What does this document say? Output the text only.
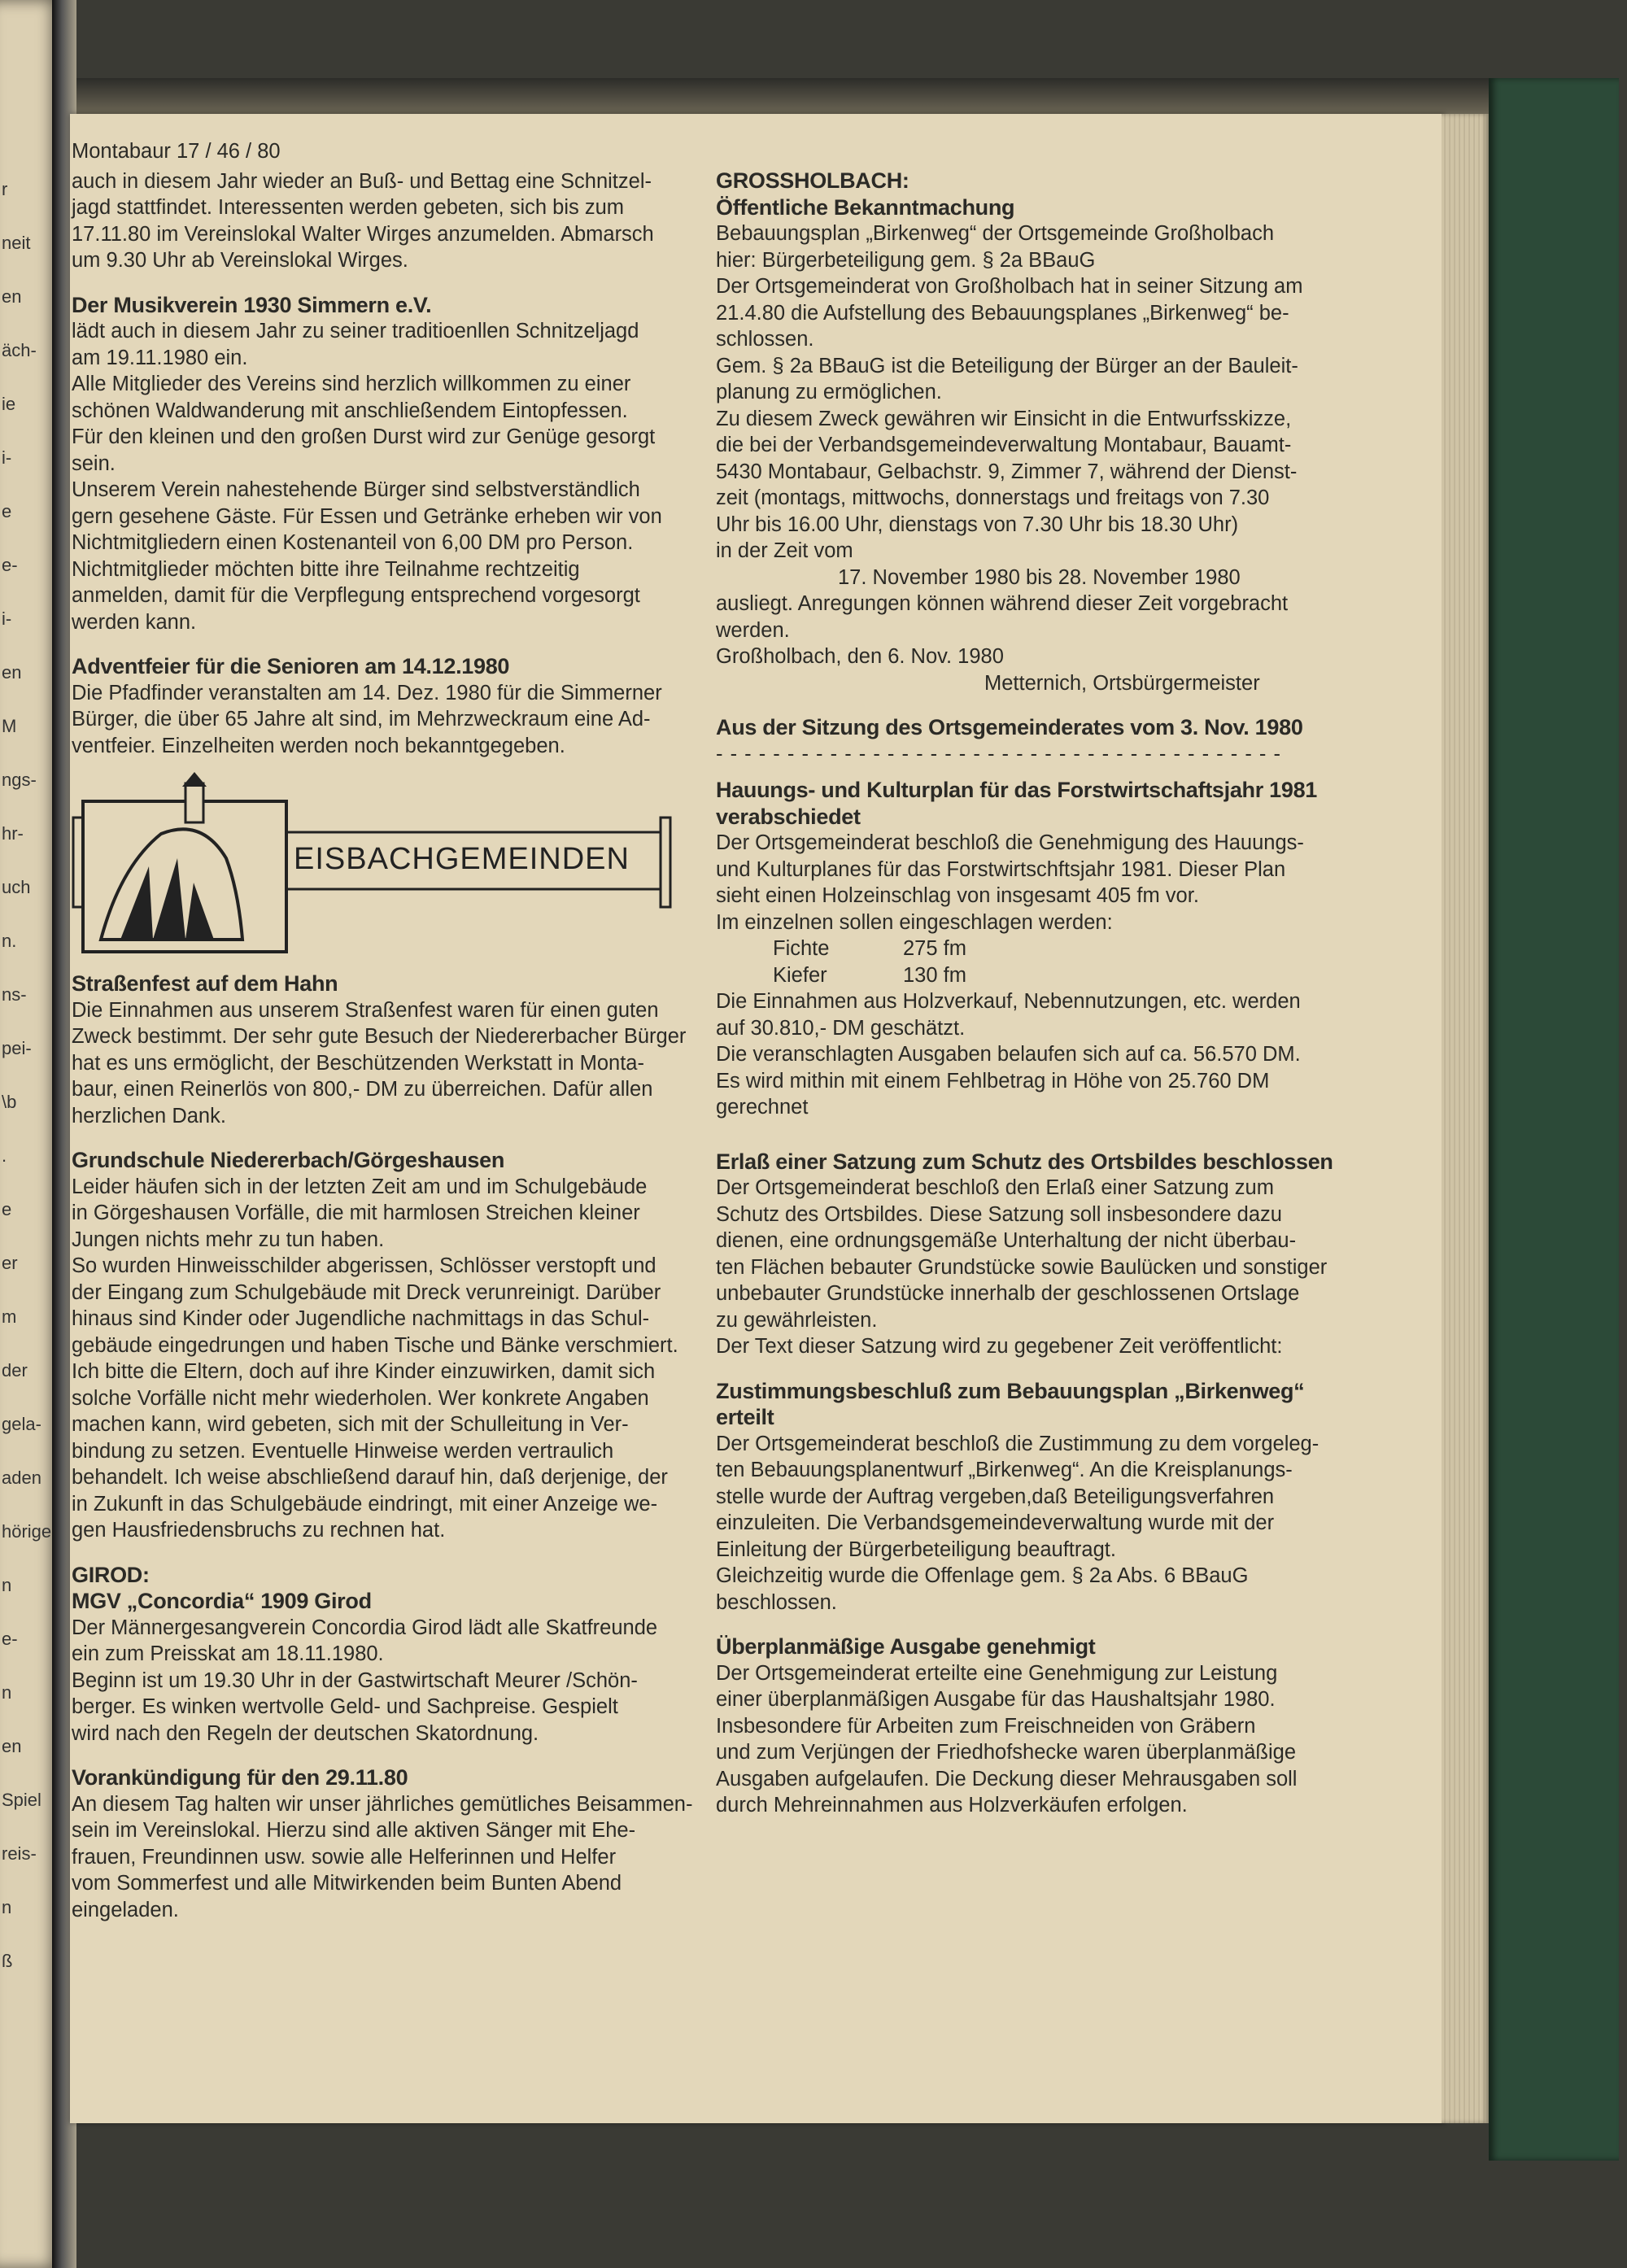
r
neit
en
äch-
ie
i-
e
e-
i-
en
M
ngs-
hr-
uch
n.
ns-
pei-
\b
.
e
er
m
der
gela-
aden
hörige
n
e-
n
en
Spiel
reis-
n
ß

Montabaur 17 / 46 / 80

auch in diesem Jahr wieder an Buß- und Bettag eine Schnitzel-

jagd stattfindet. Interessenten werden gebeten, sich bis zum

17.11.80 im Vereinslokal Walter Wirges anzumelden. Abmarsch

um 9.30 Uhr ab Vereinslokal Wirges.

Der Musikverein 1930 Simmern e.V.

lädt auch in diesem Jahr zu seiner traditioenllen Schnitzeljagd

am 19.11.1980 ein.

Alle Mitglieder des Vereins sind herzlich willkommen zu einer

schönen Waldwanderung mit anschließendem Eintopfessen.

Für den kleinen und den großen Durst wird zur Genüge gesorgt

sein.

Unserem Verein nahestehende Bürger sind selbstverständlich

gern gesehene Gäste. Für Essen und Getränke erheben wir von

Nichtmitgliedern einen Kostenanteil von 6,00 DM pro Person.

Nichtmitglieder möchten bitte ihre Teilnahme rechtzeitig

anmelden, damit für die Verpflegung entsprechend vorgesorgt

werden kann.

Adventfeier für die Senioren am 14.12.1980

Die Pfadfinder veranstalten am 14. Dez. 1980 für die Simmerner

Bürger, die über 65 Jahre alt sind, im Mehrzweckraum eine Ad-

ventfeier. Einzelheiten werden noch bekanntgegeben.

EISBACHGEMEINDEN

Straßenfest auf dem Hahn

Die Einnahmen aus unserem Straßenfest waren für einen guten

Zweck bestimmt. Der sehr gute Besuch der Niedererbacher Bürger

hat es uns ermöglicht, der Beschützenden Werkstatt in Monta-

baur, einen Reinerlös von 800,- DM zu überreichen. Dafür allen

herzlichen Dank.

Grundschule Niedererbach/Görgeshausen

Leider häufen sich in der letzten Zeit am und im Schulgebäude

in Görgeshausen Vorfälle, die mit harmlosen Streichen kleiner

Jungen nichts mehr zu tun haben.

So wurden Hinweisschilder abgerissen, Schlösser verstopft und

der Eingang zum Schulgebäude mit Dreck verunreinigt. Darüber

hinaus sind Kinder oder Jugendliche nachmittags in das Schul-

gebäude eingedrungen und haben Tische und Bänke verschmiert.

Ich bitte die Eltern, doch auf ihre Kinder einzuwirken, damit sich

solche Vorfälle nicht mehr wiederholen. Wer konkrete Angaben

machen kann, wird gebeten, sich mit der Schulleitung in Ver-

bindung zu setzen. Eventuelle Hinweise werden vertraulich

behandelt. Ich weise abschließend darauf hin, daß derjenige, der

in Zukunft in das Schulgebäude eindringt, mit einer Anzeige we-

gen Hausfriedensbruchs zu rechnen hat.

GIROD:

MGV „Concordia“ 1909 Girod

Der Männergesangverein Concordia Girod lädt alle Skatfreunde

ein zum Preisskat am 18.11.1980.

Beginn ist um 19.30 Uhr in der Gastwirtschaft Meurer /Schön-

berger. Es winken wertvolle Geld- und Sachpreise. Gespielt

wird nach den Regeln der deutschen Skatordnung.

Vorankündigung für den 29.11.80

An diesem Tag halten wir unser jährliches gemütliches Beisammen-

sein im Vereinslokal. Hierzu sind alle aktiven Sänger mit Ehe-

frauen, Freundinnen usw. sowie alle Helferinnen und Helfer

vom Sommerfest und alle Mitwirkenden beim Bunten Abend

eingeladen.

GROSSHOLBACH:

Öffentliche Bekanntmachung

Bebauungsplan „Birkenweg“ der Ortsgemeinde Großholbach

hier: Bürgerbeteiligung gem. § 2a BBauG

Der Ortsgemeinderat von Großholbach hat in seiner Sitzung am

21.4.80 die Aufstellung des Bebauungsplanes „Birkenweg“ be-

schlossen.

Gem. § 2a BBauG ist die Beteiligung der Bürger an der Bauleit-

planung zu ermöglichen.

Zu diesem Zweck gewähren wir Einsicht in die Entwurfsskizze,

die bei der Verbandsgemeindeverwaltung Montabaur, Bauamt-

5430 Montabaur, Gelbachstr. 9, Zimmer 7, während der Dienst-

zeit (montags, mittwochs, donnerstags und freitags von 7.30

Uhr bis 16.00 Uhr, dienstags von 7.30 Uhr bis 18.30 Uhr)

in der Zeit vom

17. November 1980 bis 28. November 1980

ausliegt. Anregungen können während dieser Zeit vorgebracht

werden.

Großholbach, den 6. Nov. 1980

Metternich, Ortsbürgermeister

Aus der Sitzung des Ortsgemeinderates vom 3. Nov. 1980

- - - - - - - - - - - - - - - - - - - - - - - - - - - - - - - - - - - - - - - -

Hauungs- und Kulturplan für das Forstwirtschaftsjahr 1981

verabschiedet

Der Ortsgemeinderat beschloß die Genehmigung des Hauungs-

und Kulturplanes für das Forstwirtschftsjahr 1981. Dieser Plan

sieht einen Holzeinschlag von insgesamt 405 fm vor.

Im einzelnen sollen eingeschlagen werden:

Fichte	275 fm
Kiefer	130 fm

Die Einnahmen aus Holzverkauf, Nebennutzungen, etc. werden

auf 30.810,- DM geschätzt.

Die veranschlagten Ausgaben belaufen sich auf ca. 56.570 DM.

Es wird mithin mit einem Fehlbetrag in Höhe von 25.760 DM

gerechnet

Erlaß einer Satzung zum Schutz des Ortsbildes beschlossen

Der Ortsgemeinderat beschloß den Erlaß einer Satzung zum

Schutz des Ortsbildes. Diese Satzung soll insbesondere dazu

dienen, eine ordnungsgemäße Unterhaltung der nicht überbau-

ten Flächen bebauter Grundstücke sowie Baulücken und sonstiger

unbebauter Grundstücke innerhalb der geschlossenen Ortslage

zu gewährleisten.

Der Text dieser Satzung wird zu gegebener Zeit veröffentlicht:

Zustimmungsbeschluß zum Bebauungsplan „Birkenweg“ erteilt

Der Ortsgemeinderat beschloß die Zustimmung zu dem vorgeleg-

ten Bebauungsplanentwurf „Birkenweg“. An die Kreisplanungs-

stelle wurde der Auftrag vergeben,daß Beteiligungsverfahren

einzuleiten. Die Verbandsgemeindeverwaltung wurde mit der

Einleitung der Bürgerbeteiligung beauftragt.

Gleichzeitig wurde die Offenlage gem. § 2a Abs. 6 BBauG

beschlossen.

Überplanmäßige Ausgabe genehmigt

Der Ortsgemeinderat erteilte eine Genehmigung zur Leistung

einer überplanmäßigen Ausgabe für das Haushaltsjahr 1980.

Insbesondere für Arbeiten zum Freischneiden von Gräbern

und zum Verjüngen der Friedhofshecke waren überplanmäßige

Ausgaben aufgelaufen. Die Deckung dieser Mehrausgaben soll

durch Mehreinnahmen aus Holzverkäufen erfolgen.
